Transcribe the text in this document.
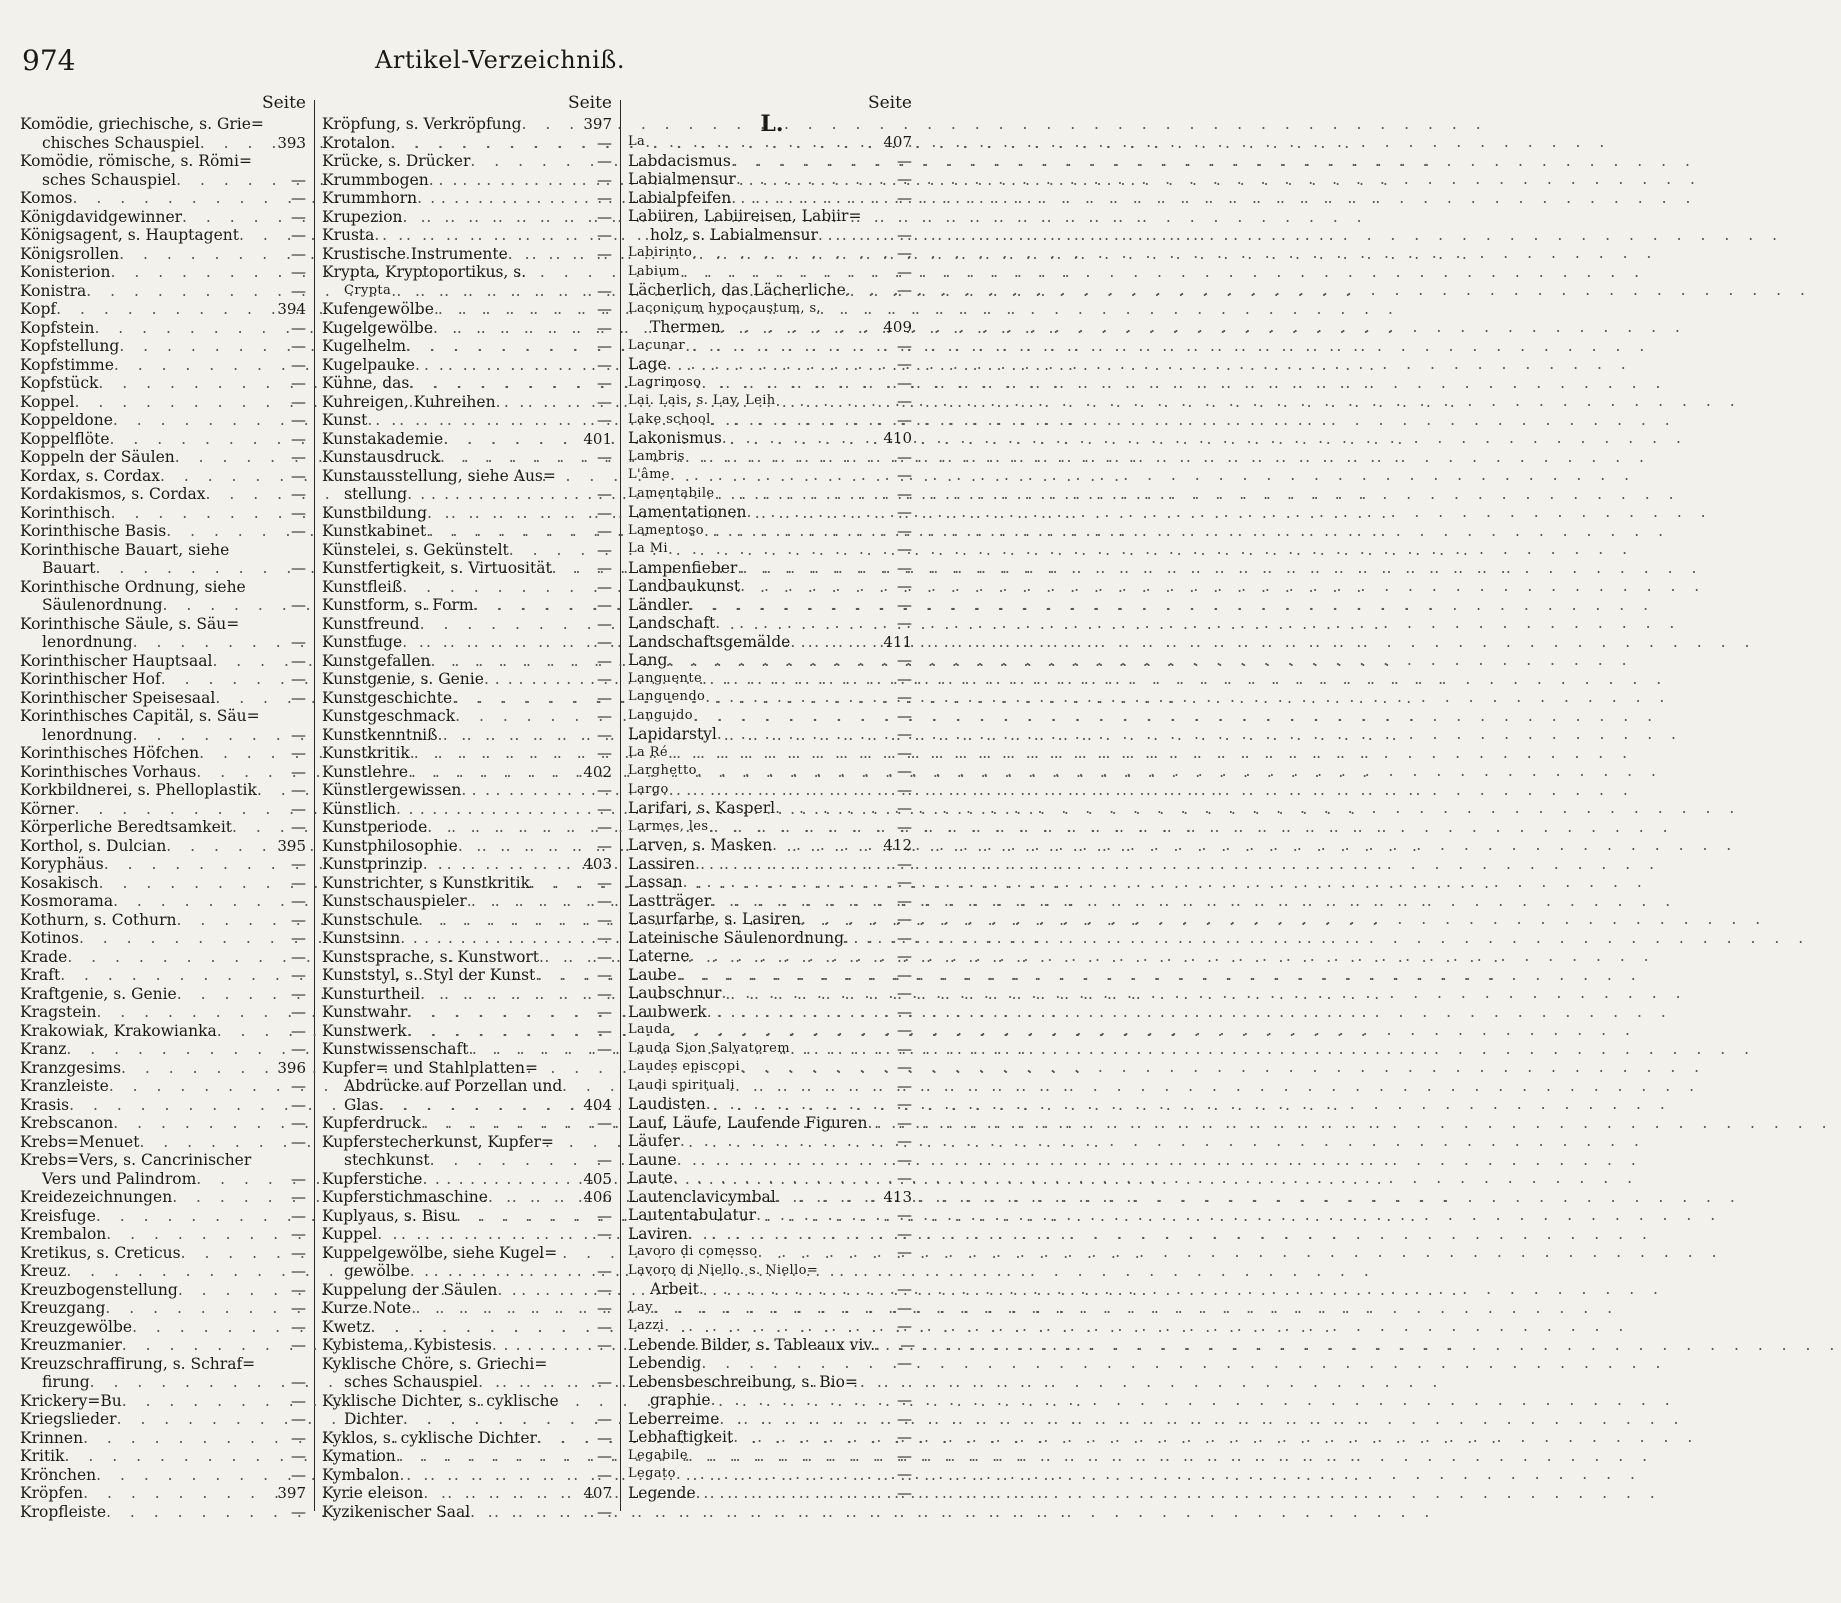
974	Artikel-Verzeichniß.
Seite
Komödie, griechische, s. Grie=
chisches Schauspiel . . .	393
Komödie, römische, s. Römi=
sches Schauspiel . . .	—
Komos . . .	—
Königdavidgewinner . . .	—
Königsagent, s. Hauptagent . . .	—
Königsrollen . . .	—
Konisterion . . .	—
Konistra . . .	—
Kopf . . .	394
Kopfstein . . .	—
Kopfstellung . . .	—
Kopfstimme . . .	—
Kopfstück . . .	—
Koppel . . .	—
Koppeldone . . .	—
Koppelflöte . . .	—
Koppeln der Säulen . . .	—
Kordax, s. Cordax . . .	—
Kordakismos, s. Cordax . . .	—
Korinthisch . . .	—
Korinthische Basis . . .	—
Korinthische Bauart, siehe
Bauart . . .	—
Korinthische Ordnung, siehe
Säulenordnung . . .	—
Korinthische Säule, s. Säu=
lenordnung . . .	—
Korinthischer Hauptsaal . . .	—
Korinthischer Hof . . .	—
Korinthischer Speisesaal . . .	—
Korinthisches Capitäl, s. Säu=
lenordnung . . .	—
Korinthisches Höfchen . . .	—
Korinthisches Vorhaus . . .	—
Korkbildnerei, s. Phelloplastik . . .	—
Körner . . .	—
Körperliche Beredtsamkeit . . .	—
Korthol, s. Dulcian . . .	395
Koryphäus . . .	—
Kosakisch . . .	—
Kosmorama . . .	—
Kothurn, s. Cothurn . . .	—
Kotinos . . .	—
Krade . . .	—
Kraft . . .	—
Kraftgenie, s. Genie . . .	—
Kragstein . . .	—
Krakowiak, Krakowianka . . .	—
Kranz . . .	—
Kranzgesims . . .	396
Kranzleiste . . .	—
Krasis . . .	—
Krebscanon . . .	—
Krebs=Menuet . . .	—
Krebs=Vers, s. Cancrinischer
Vers und Palindrom . . .	—
Kreidezeichnungen . . .	—
Kreisfuge . . .	—
Krembalon . . .	—
Kretikus, s. Creticus . . .	—
Kreuz . . .	—
Kreuzbogenstellung . . .	—
Kreuzgang . . .	—
Kreuzgewölbe . . .	—
Kreuzmanier . . .	—
Kreuzschraffirung, s. Schraf=
firung . . .	—
Krickery=Bu . . .	—
Kriegslieder . . .	—
Krinnen . . .	—
Kritik . . .	—
Krönchen . . .	—
Kröpfen . . .	397
Kropfleiste . . .	—
Seite
Kröpfung, s. Verkröpfung . . .	397
Krotalon . . .	—
Krücke, s. Drücker . . .	—
Krummbogen . . .	—
Krummhorn . . .	—
Krupezion . . .	—
Krusta . . .	—
Krustische Instrumente . . .	—
Krypta, Kryptoportikus, s.
Crypta . . .	—
Kufengewölbe . . .	—
Kugelgewölbe . . .	—
Kugelhelm . . .	—
Kugelpauke . . .	—
Kühne, das . . .	—
Kuhreigen, Kuhreihen . . .	—
Kunst . . .	—
Kunstakademie . . .	401
Kunstausdruck . . .	—
Kunstausstellung, siehe Aus=
stellung . . .	—
Kunstbildung . . .	—
Kunstkabinet . . .	—
Künstelei, s. Gekünstelt . . .	—
Kunstfertigkeit, s. Virtuosität . . .	—
Kunstfleiß . . .	—
Kunstform, s. Form . . .	—
Kunstfreund . . .	—
Kunstfuge . . .	—
Kunstgefallen . . .	—
Kunstgenie, s. Genie . . .	—
Kunstgeschichte . . .	—
Kunstgeschmack . . .	—
Kunstkenntniß . . .	—
Kunstkritik . . .	—
Kunstlehre . . .	402
Künstlergewissen . . .	—
Künstlich . . .	—
Kunstperiode . . .	—
Kunstphilosophie . . .	—
Kunstprinzip . . .	403
Kunstrichter, s Kunstkritik . . .	—
Kunstschauspieler . . .	—
Kunstschule . . .	—
Kunstsinn . . .	—
Kunstsprache, s. Kunstwort . . .	—
Kunststyl, s. Styl der Kunst . . .	—
Kunsturtheil . . .	—
Kunstwahr . . .	—
Kunstwerk . . .	—
Kunstwissenschaft . . .	—
Kupfer= und Stahlplatten=
Abdrücke auf Porzellan und
Glas . . .	404
Kupferdruck . . .	—
Kupferstecherkunst, Kupfer=
stechkunst . . .	—
Kupferstiche . . .	405
Kupferstichmaschine . . .	406
Kuplyaus, s. Bisu . . .	—
Kuppel . . .	—
Kuppelgewölbe, siehe Kugel=
gewölbe . . .	—
Kuppelung der Säulen . . .	—
Kurze Note . . .	—
Kwetz . . .	—
Kybistema, Kybistesis . . .	—
Kyklische Chöre, s. Griechi=
sches Schauspiel . . .	—
Kyklische Dichter, s. cyklische
Dichter . . .	—
Kyklos, s. cyklische Dichter . . .	—
Kymation . . .	—
Kymbalon . . .	—
Kyrie eleison . . .	407
Kyzikenischer Saal . . .	—
Seite
L.
La . . .	407
Labdacismus . . .	—
Labialmensur . . .	—
Labialpfeifen . . .	—
Labiiren, Labiireisen, Labiir=
holz, s. Labialmensur . . .	—
Labirinto . . .	—
Labium . . .	—
Lächerlich, das Lächerliche . . .	—
Laconicum hypocaustum, s.
Thermen . . .	409
Lacunar . . .	—
Lage . . .	—
Lagrimoso . . .	—
Lai. Lais, s. Lay, Leih . . .	—
Lake school . . .	—
Lakonismus . . .	410
Lambris . . .	—
L'âme . . .	—
Lamentabile . . .	—
Lamentationen . . .	—
Lamentoso . . .	—
La Mi . . .	—
Lampenfieber . . .	—
Landbaukunst . . .	—
Ländler . . .	—
Landschaft . . .	—
Landschaftsgemälde . . .	411
Lang . . .	—
Languente . . .	—
Languendo . . .	—
Languido . . .	—
Lapidarstyl . . .	—
La Ré . . .	—
Larghetto . . .	—
Largo . . .	—
Larifari, s. Kasperl . . .	—
Larmes, les . . .	—
Larven, s. Masken . . .	412
Lassiren . . .	—
Lassan . . .	—
Lastträger . . .	—
Lasurfarbe, s. Lasiren . . .	—
Lateinische Säulenordnung . . .	—
Laterne . . .	—
Laube . . .	—
Laubschnur . . .	—
Laubwerk . . .	—
Lauda . . .	—
Lauda Sion Salvatorem . . .	—
Laudes episcopi . . .	—
Laudi spirituali . . .	—
Laudisten . . .	—
Lauf, Läufe, Laufende Figuren . . .	—
Läufer . . .	—
Laune . . .	—
Laute . . .	—
Lautenclavicymbal . . .	413
Lautentabulatur . . .	—
Laviren . . .	—
Lavoro di comesso . . .	—
Lavoro di Niello. s. Niello=
Arbeit . . .	—
Lay . . .	—
Lazzi . . .	—
Lebende Bilder, s. Tableaux viv. . . .	—
Lebendig . . .	—
Lebensbeschreibung, s. Bio=
graphie . . .	—
Leberreime . . .	—
Lebhaftigkeit . . .	—
Legabile . . .	—
Legato . . .	—
Legende . . .	—
